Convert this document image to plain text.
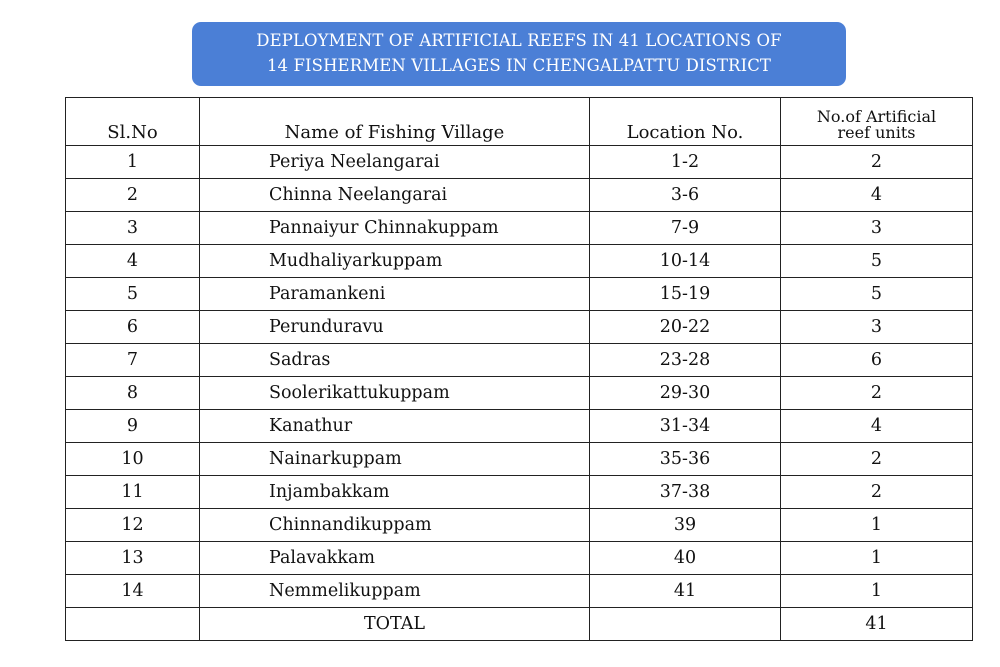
DEPLOYMENT OF ARTIFICIAL REEFS IN 41 LOCATIONS OF
14 FISHERMEN VILLAGES IN CHENGALPATTU DISTRICT
Sl.No	Name of Fishing Village	Location No.	No.of Artificial
reef units

1	Periya Neelangarai	1-2	2
2	Chinna Neelangarai	3-6	4
3	Pannaiyur Chinnakuppam	7-9	3
4	Mudhaliyarkuppam	10-14	5
5	Paramankeni	15-19	5
6	Perunduravu	20-22	3
7	Sadras	23-28	6
8	Soolerikattukuppam	29-30	2
9	Kanathur	31-34	4
10	Nainarkuppam	35-36	2
11	Injambakkam	37-38	2
12	Chinnandikuppam	39	1
13	Palavakkam	40	1
14	Nemmelikuppam	41	1
	TOTAL		41
